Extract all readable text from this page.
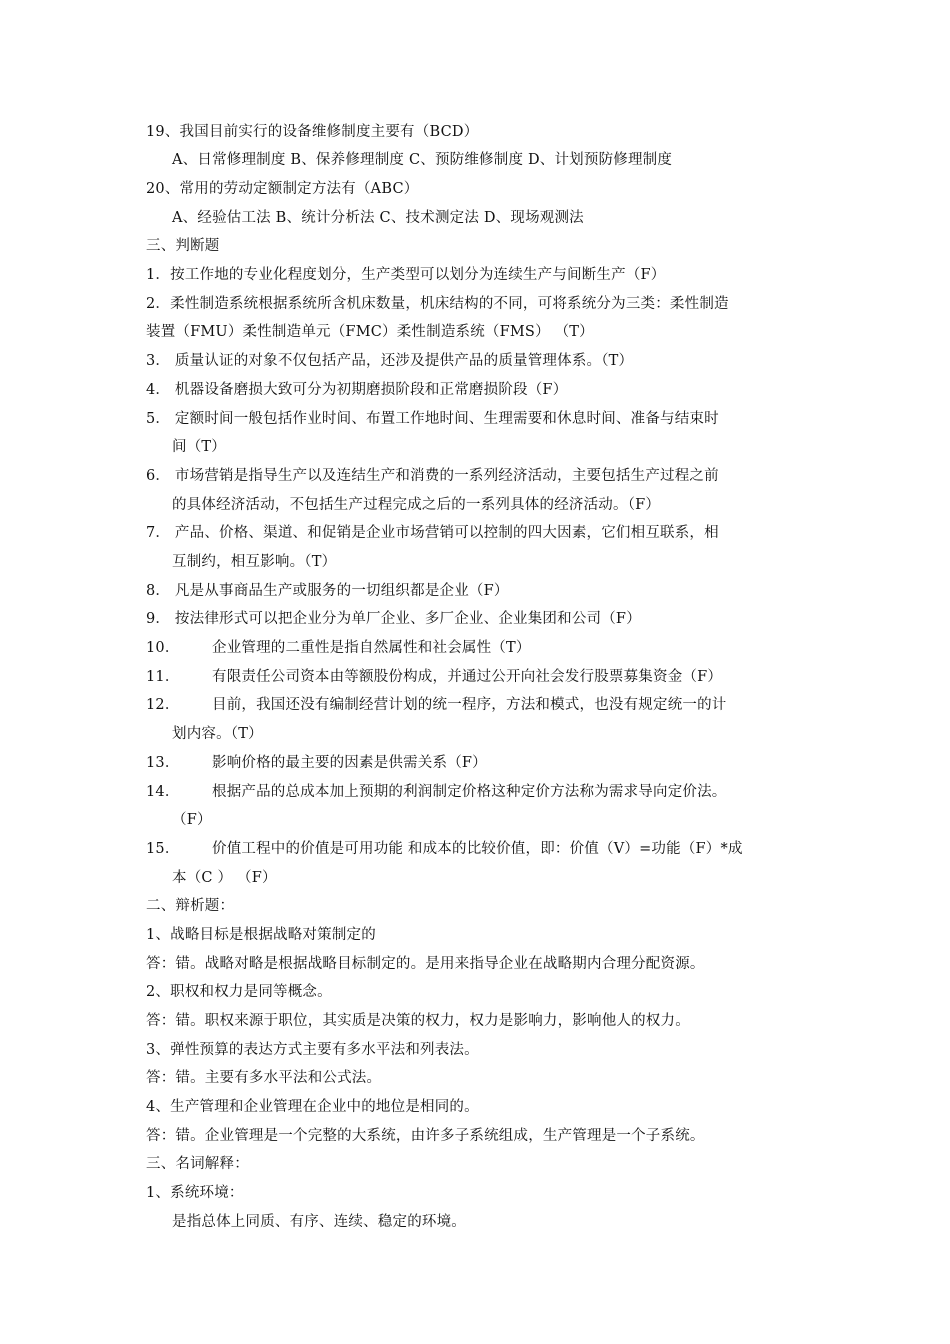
19、我国目前实行的设备维修制度主要有（BCD）
A、日常修理制度 B、保养修理制度 C、预防维修制度 D、计划预防修理制度
20、常用的劳动定额制定方法有（ABC）
A、经验估工法 B、统计分析法 C、技术测定法 D、现场观测法
三、判断题
1．按工作地的专业化程度划分，生产类型可以划分为连续生产与间断生产（F）
2．柔性制造系统根据系统所含机床数量，机床结构的不同，可将系统分为三类：柔性制造
装置（FMU）柔性制造单元（FMC）柔性制造系统（FMS） （T）
3． 质量认证的对象不仅包括产品，还涉及提供产品的质量管理体系。（T）
4． 机器设备磨损大致可分为初期磨损阶段和正常磨损阶段（F）
5． 定额时间一般包括作业时间、布置工作地时间、生理需要和休息时间、准备与结束时
间（T）
6． 市场营销是指导生产以及连结生产和消费的一系列经济活动，主要包括生产过程之前
的具体经济活动，不包括生产过程完成之后的一系列具体的经济活动。（F）
7． 产品、价格、渠道、和促销是企业市场营销可以控制的四大因素，它们相互联系，相
互制约，相互影响。（T）
8． 凡是从事商品生产或服务的一切组织都是企业（F）
9． 按法律形式可以把企业分为单厂企业、多厂企业、企业集团和公司（F）
10． 企业管理的二重性是指自然属性和社会属性（T）
11． 有限责任公司资本由等额股份构成，并通过公开向社会发行股票募集资金（F）
12． 目前，我国还没有编制经营计划的统一程序，方法和模式，也没有规定统一的计
划内容。（T）
13． 影响价格的最主要的因素是供需关系（F）
14． 根据产品的总成本加上预期的利润制定价格这种定价方法称为需求导向定价法。
（F）
15． 价值工程中的价值是可用功能 和成本的比较价值，即：价值（V）=功能（F）*成
本（C ） （F）
二、辩析题：
1、战略目标是根据战略对策制定的
答：错。战略对略是根据战略目标制定的。是用来指导企业在战略期内合理分配资源。
2、职权和权力是同等概念。
答：错。职权来源于职位，其实质是决策的权力，权力是影响力，影响他人的权力。
3、弹性预算的表达方式主要有多水平法和列表法。
答：错。主要有多水平法和公式法。
4、生产管理和企业管理在企业中的地位是相同的。
答：错。企业管理是一个完整的大系统，由许多子系统组成，生产管理是一个子系统。
三、名词解释：
1、系统环境：
是指总体上同质、有序、连续、稳定的环境。
